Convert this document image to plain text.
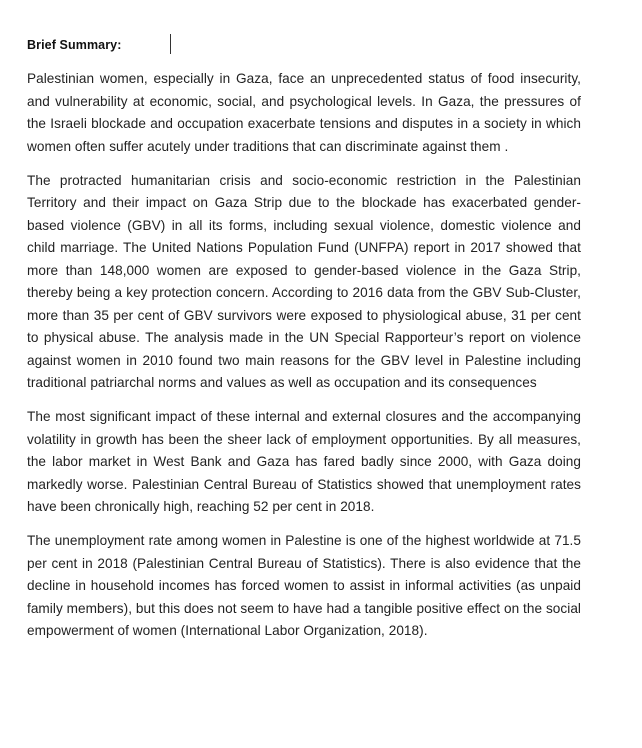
Brief Summary:

Palestinian women, especially in Gaza, face an unprecedented status of food insecurity, and vulnerability at economic, social, and psychological levels. In Gaza, the pressures of the Israeli blockade and occupation exacerbate tensions and disputes in a society in which women often suffer acutely under traditions that can discriminate against them .

The protracted humanitarian crisis and socio-economic restriction in the Palestinian Territory and their impact on Gaza Strip due to the blockade has exacerbated gender-based violence (GBV) in all its forms, including sexual violence, domestic violence and child marriage. The United Nations Population Fund (UNFPA) report in 2017 showed that more than 148,000 women are exposed to gender-based violence in the Gaza Strip, thereby being a key protection concern. According to 2016 data from the GBV Sub-Cluster, more than 35 per cent of GBV survivors were exposed to physiological abuse, 31 per cent to physical abuse. The analysis made in the UN Special Rapporteur’s report on violence against women in 2010 found two main reasons for the GBV level in Palestine including traditional patriarchal norms and values as well as occupation and its consequences

The most significant impact of these internal and external closures and the accompanying volatility in growth has been the sheer lack of employment opportunities. By all measures, the labor market in West Bank and Gaza has fared badly since 2000, with Gaza doing markedly worse. Palestinian Central Bureau of Statistics showed that unemployment rates have been chronically high, reaching 52 per cent in 2018.

The unemployment rate among women in Palestine is one of the highest worldwide at 71.5 per cent in 2018 (Palestinian Central Bureau of Statistics). There is also evidence that the decline in household incomes has forced women to assist in informal activities (as unpaid family members), but this does not seem to have had a tangible positive effect on the social empowerment of women (International Labor Organization, 2018).
